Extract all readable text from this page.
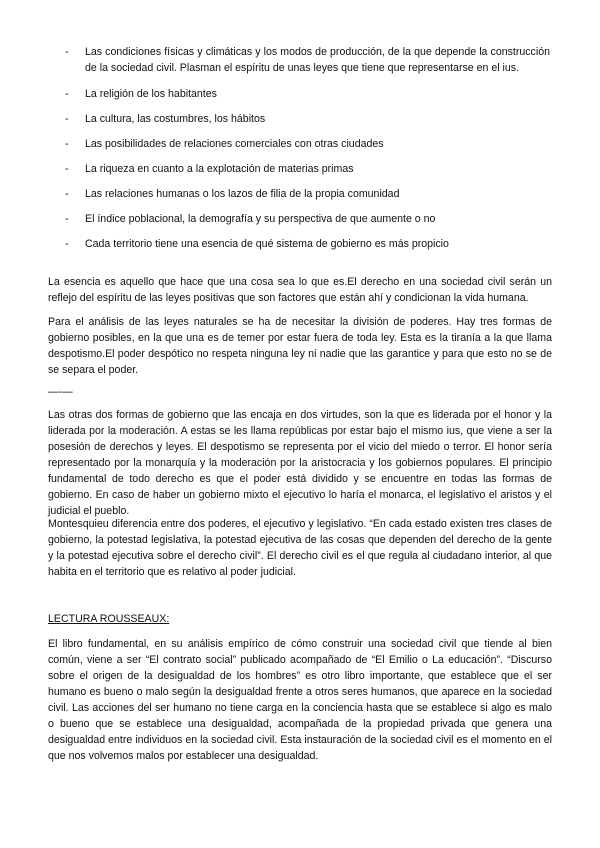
- Las condiciones físicas y climáticas y los modos de producción, de la que depende la construcción de la sociedad civil. Plasman el espíritu de unas leyes que tiene que representarse en el ius.
- La religión de los habitantes
- La cultura, las costumbres, los hábitos
- Las posibilidades de relaciones comerciales con otras ciudades
- La riqueza en cuanto a la explotación de materias primas
- Las relaciones humanas o los lazos de filia de la propia comunidad
- El índice poblacional, la demografía y su perspectiva de que aumente o no
- Cada territorio tiene una esencia de qué sistema de gobierno es más propicio

La esencia es aquello que hace que una cosa sea lo que es.El derecho en una sociedad civil serán un reflejo del espíritu de las leyes positivas que son factores que están ahí y condicionan la vida humana.

Para el análisis de las leyes naturales se ha de necesitar la división de poderes. Hay tres formas de gobierno posibles, en la que una es de temer por estar fuera de toda ley. Esta es la tiranía a la que llama despotismo.El poder despótico no respeta ninguna ley ni nadie que las garantice y para que esto no se de se separa el poder.

—-—

Las otras dos formas de gobierno que las encaja en dos virtudes, son la que es liderada por el honor y la liderada por la moderación. A estas se les llama repúblicas por estar bajo el mismo ius, que viene a ser la posesión de derechos y leyes. El despotismo se representa por el vicio del miedo o terror. El honor sería representado por la monarquía y la moderación por la aristocracia y los gobiernos populares. El principio fundamental de todo derecho es que el poder está dividido y se encuentre en todas las formas de gobierno. En caso de haber un gobierno mixto el ejecutivo lo haría el monarca, el legislativo el aristos y el judicial el pueblo.

Montesquieu diferencia entre dos poderes, el ejecutivo y legislativo. “En cada estado existen tres clases de gobierno, la potestad legislativa, la potestad ejecutiva de las cosas que dependen del derecho de la gente y la potestad ejecutiva sobre el derecho civil”. El derecho civil es el que regula al ciudadano interior, al que habita en el territorio que es relativo al poder judicial.

LECTURA ROUSSEAUX:

El libro fundamental, en su análisis empírico de cómo construir una sociedad civil que tiende al bien común, viene a ser “El contrato social” publicado acompañado de “El Emilio o La educación”. “Discurso sobre el origen de la desigualdad de los hombres” es otro libro importante, que establece que el ser humano es bueno o malo según la desigualdad frente a otros seres humanos, que aparece en la sociedad civil. Las acciones del ser humano no tiene carga en la conciencia hasta que se establece si algo es malo o bueno que se establece una desigualdad, acompañada de la propiedad privada que genera una desigualdad entre individuos en la sociedad civil. Esta instauración de la sociedad civil es el momento en el que nos volvemos malos por establecer una desigualdad.
